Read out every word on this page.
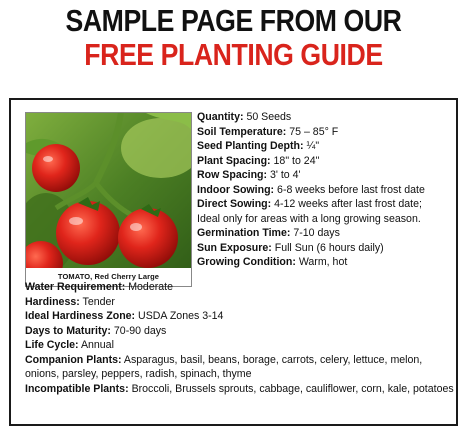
SAMPLE PAGE FROM OUR
FREE PLANTING GUIDE
TOMATO, Red Cherry Large
Quantity: 50 Seeds
Soil Temperature: 75 – 85° F
Seed Planting Depth: ¼"
Plant Spacing: 18" to 24"
Row Spacing: 3' to 4'
Indoor Sowing: 6-8 weeks before last frost date
Direct Sowing: 4-12 weeks after last frost date;
Ideal only for areas with a long growing season.
Germination Time: 7-10 days
Sun Exposure: Full Sun (6 hours daily)
Growing Condition: Warm, hot
Water Requirement: Moderate
Hardiness: Tender
Ideal Hardiness Zone: USDA Zones 3-14
Days to Maturity: 70-90 days
Life Cycle: Annual
Companion Plants: Asparagus, basil, beans, borage, carrots, celery, lettuce, melon, onions, parsley, peppers, radish, spinach, thyme
Incompatible Plants: Broccoli, Brussels sprouts, cabbage, cauliflower, corn, kale, potatoes
